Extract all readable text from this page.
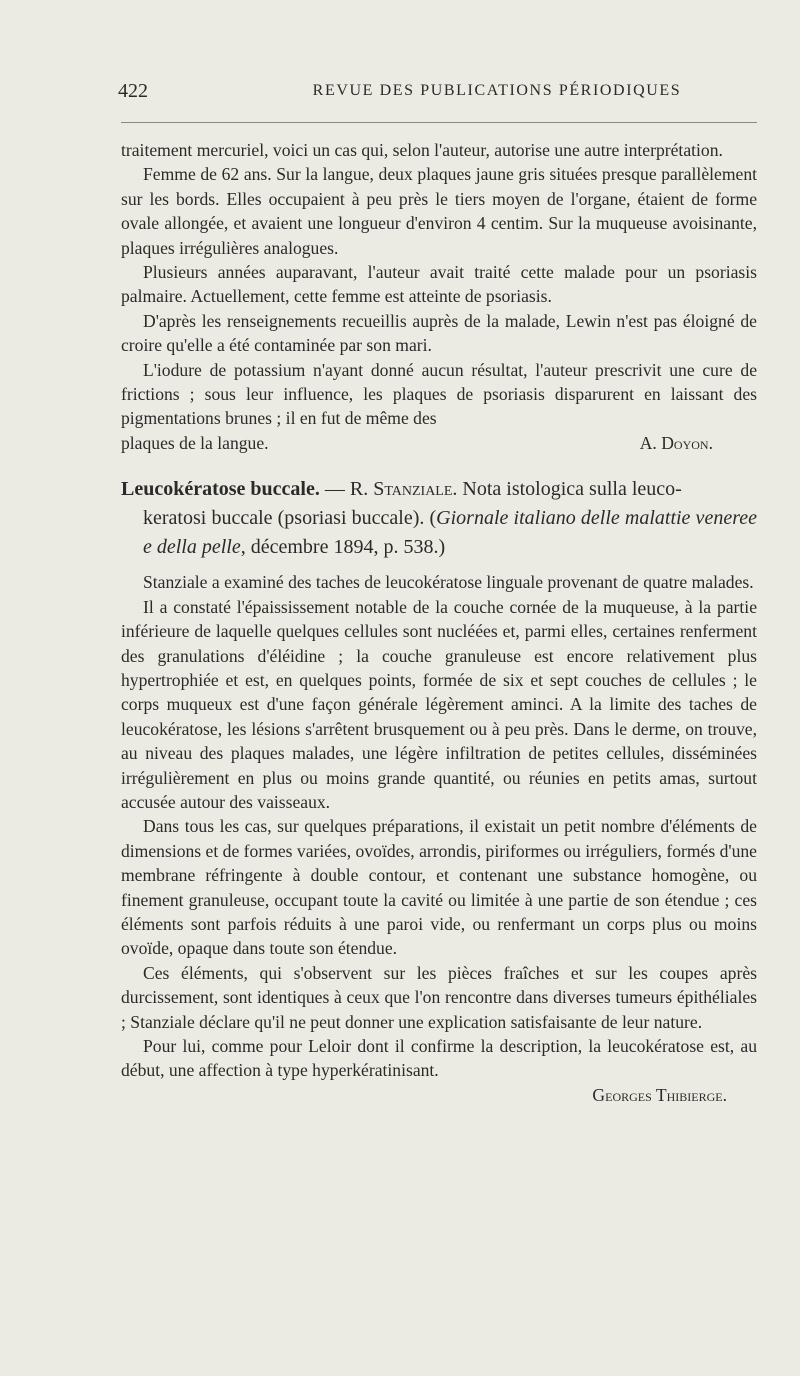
422	REVUE DES PUBLICATIONS PÉRIODIQUES

traitement mercuriel, voici un cas qui, selon l'auteur, autorise une autre interprétation.

Femme de 62 ans. Sur la langue, deux plaques jaune gris situées presque parallèlement sur les bords. Elles occupaient à peu près le tiers moyen de l'organe, étaient de forme ovale allongée, et avaient une longueur d'environ 4 centim. Sur la muqueuse avoisinante, plaques irrégulières analogues.

Plusieurs années auparavant, l'auteur avait traité cette malade pour un psoriasis palmaire. Actuellement, cette femme est atteinte de psoriasis.

D'après les renseignements recueillis auprès de la malade, Lewin n'est pas éloigné de croire qu'elle a été contaminée par son mari.

L'iodure de potassium n'ayant donné aucun résultat, l'auteur prescrivit une cure de frictions ; sous leur influence, les plaques de psoriasis disparurent en laissant des pigmentations brunes ; il en fut de même des

plaques de la langue.	A. Doyon.

Leucokératose buccale. — R. Stanziale. Nota istologica sulla leuco-
keratosi buccale (psoriasi buccale). (Giornale italiano delle malattie veneree e della pelle, décembre 1894, p. 538.)

Stanziale a examiné des taches de leucokératose linguale provenant de quatre malades.

Il a constaté l'épaississement notable de la couche cornée de la muqueuse, à la partie inférieure de laquelle quelques cellules sont nucléées et, parmi elles, certaines renferment des granulations d'éléidine ; la couche granuleuse est encore relativement plus hypertrophiée et est, en quelques points, formée de six et sept couches de cellules ; le corps muqueux est d'une façon générale légèrement aminci. A la limite des taches de leucokératose, les lésions s'arrêtent brusquement ou à peu près. Dans le derme, on trouve, au niveau des plaques malades, une légère infiltration de petites cellules, disséminées irrégulièrement en plus ou moins grande quantité, ou réunies en petits amas, surtout accusée autour des vaisseaux.

Dans tous les cas, sur quelques préparations, il existait un petit nombre d'éléments de dimensions et de formes variées, ovoïdes, arrondis, piriformes ou irréguliers, formés d'une membrane réfringente à double contour, et contenant une substance homogène, ou finement granuleuse, occupant toute la cavité ou limitée à une partie de son étendue ; ces éléments sont parfois réduits à une paroi vide, ou renfermant un corps plus ou moins ovoïde, opaque dans toute son étendue.

Ces éléments, qui s'observent sur les pièces fraîches et sur les coupes après durcissement, sont identiques à ceux que l'on rencontre dans diverses tumeurs épithéliales ; Stanziale déclare qu'il ne peut donner une explication satisfaisante de leur nature.

Pour lui, comme pour Leloir dont il confirme la description, la leucokératose est, au début, une affection à type hyperkératinisant.

Georges Thibierge.
